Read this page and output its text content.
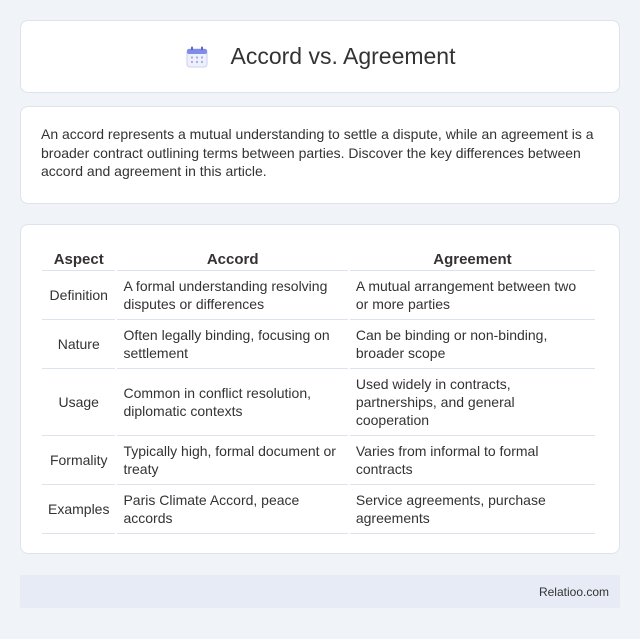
Accord vs. Agreement

An accord represents a mutual understanding to settle a dispute, while an agreement is a broader contract outlining terms between parties. Discover the key differences between accord and agreement in this article.

Aspect	Accord	Agreement
Definition	A formal understanding resolving disputes or differences	A mutual arrangement between two or more parties
Nature	Often legally binding, focusing on settlement	Can be binding or non-binding, broader scope
Usage	Common in conflict resolution, diplomatic contexts	Used widely in contracts, partnerships, and general cooperation
Formality	Typically high, formal document or treaty	Varies from informal to formal contracts
Examples	Paris Climate Accord, peace accords	Service agreements, purchase agreements
Relatioo.com
